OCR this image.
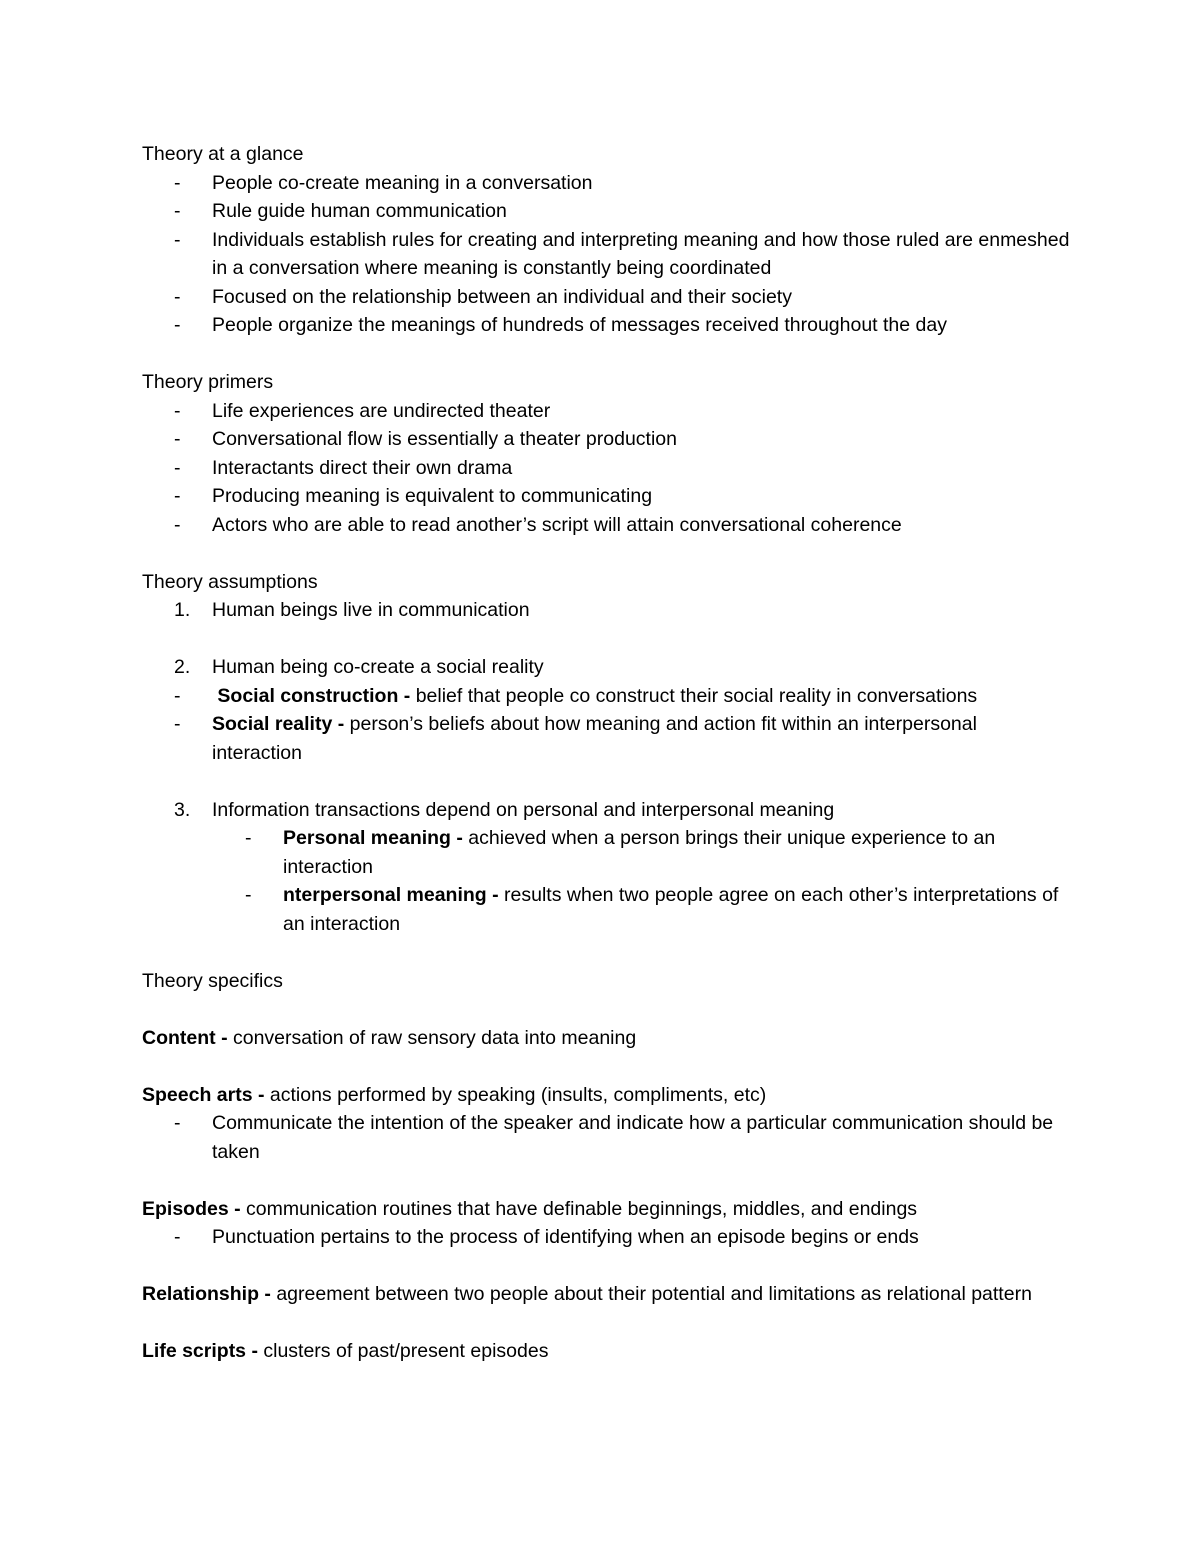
Theory at a glance
- People co-create meaning in a conversation
- Rule guide human communication
- Individuals establish rules for creating and interpreting meaning and how those ruled are enmeshed in a conversation where meaning is constantly being coordinated
- Focused on the relationship between an individual and their society
- People organize the meanings of hundreds of messages received throughout the day
Theory primers
- Life experiences are undirected theater
- Conversational flow is essentially a theater production
- Interactants direct their own drama
- Producing meaning is equivalent to communicating
- Actors who are able to read another’s script will attain conversational coherence
Theory assumptions
1. Human beings live in communication
2. Human being co-create a social reality
- Social construction - belief that people co construct their social reality in conversations
- Social reality - person’s beliefs about how meaning and action fit within an interpersonal interaction
3. Information transactions depend on personal and interpersonal meaning
- Personal meaning - achieved when a person brings their unique experience to an interaction
- nterpersonal meaning - results when two people agree on each other’s interpretations of an interaction
Theory specifics
Content - conversation of raw sensory data into meaning
Speech arts - actions performed by speaking (insults, compliments, etc)
- Communicate the intention of the speaker and indicate how a particular communication should be taken
Episodes - communication routines that have definable beginnings, middles, and endings
- Punctuation pertains to the process of identifying when an episode begins or ends
Relationship - agreement between two people about their potential and limitations as relational pattern
Life scripts - clusters of past/present episodes
